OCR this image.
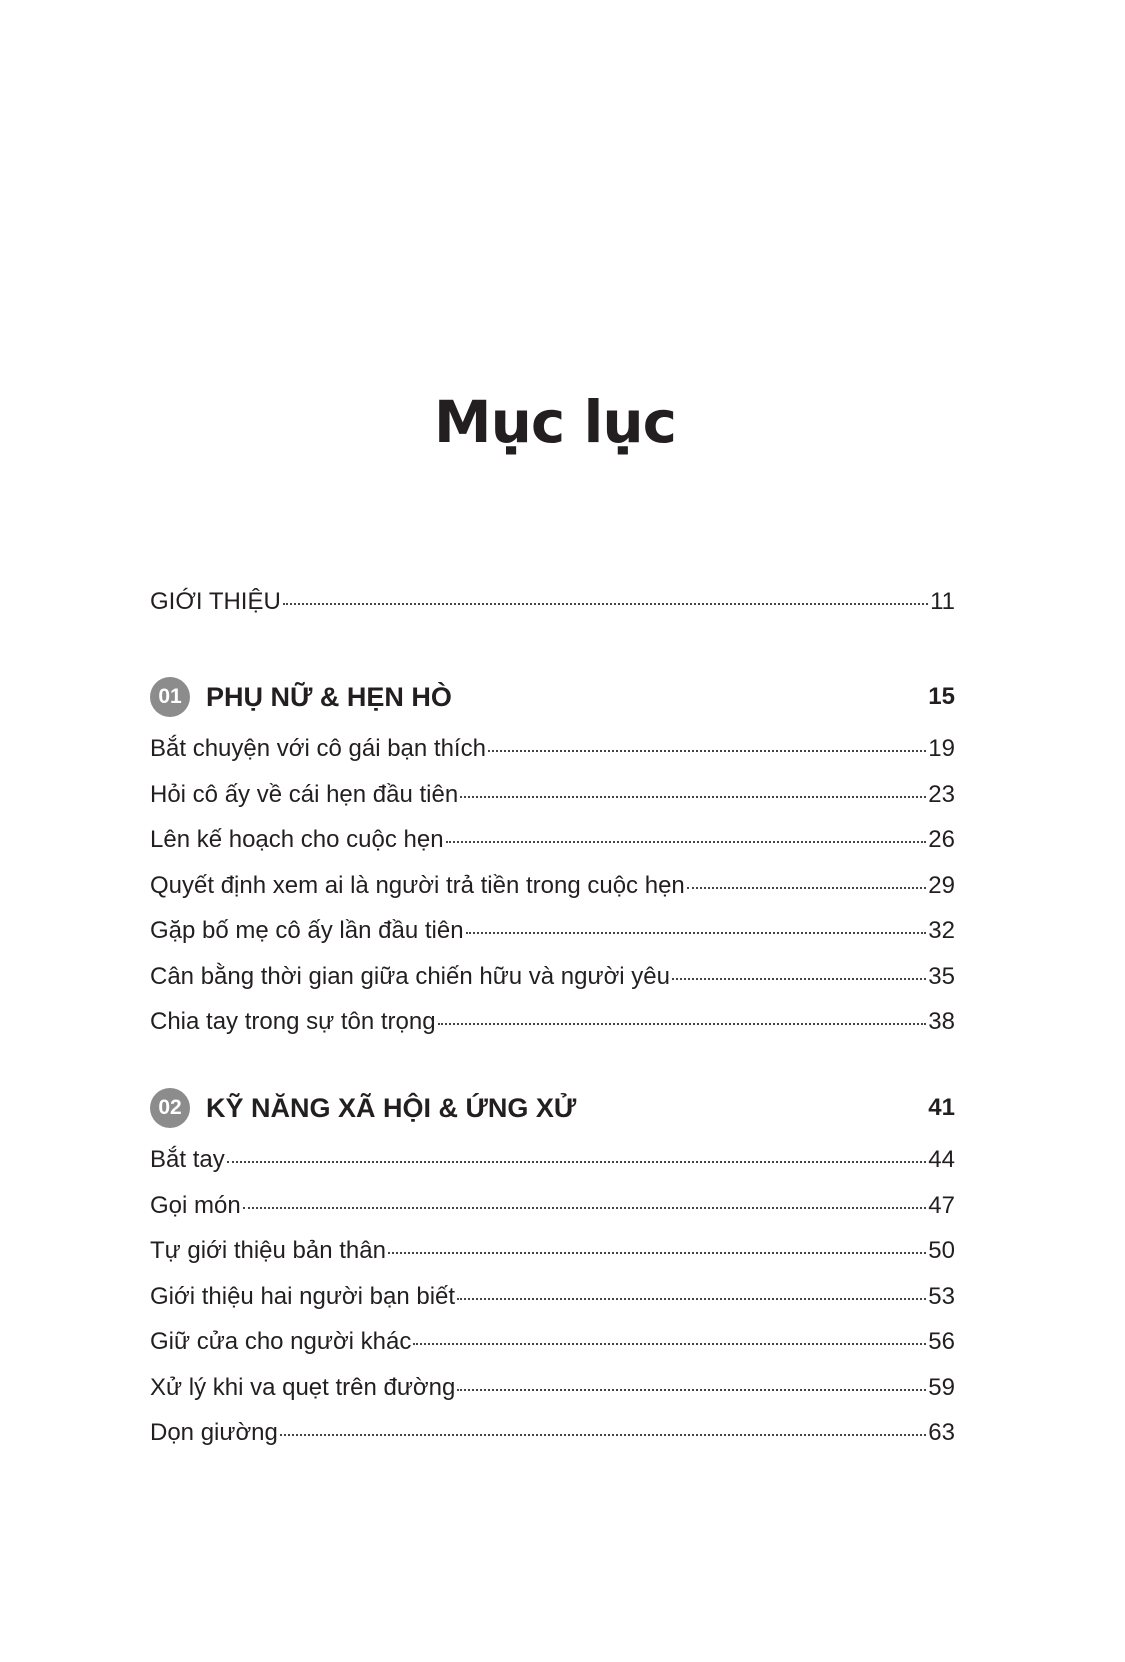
Mục lục
GIỚI THIỆU	11
01 PHỤ NỮ & HẸN HÒ	15
Bắt chuyện với cô gái bạn thích	19
Hỏi cô ấy về cái hẹn đầu tiên	23
Lên kế hoạch cho cuộc hẹn	26
Quyết định xem ai là người trả tiền trong cuộc hẹn	29
Gặp bố mẹ cô ấy lần đầu tiên	32
Cân bằng thời gian giữa chiến hữu và người yêu	35
Chia tay trong sự tôn trọng	38
02 KỸ NĂNG XÃ HỘI & ỨNG XỬ	41
Bắt tay	44
Gọi món	47
Tự giới thiệu bản thân	50
Giới thiệu hai người bạn biết	53
Giữ cửa cho người khác	56
Xử lý khi va quẹt trên đường	59
Dọn giường	63
